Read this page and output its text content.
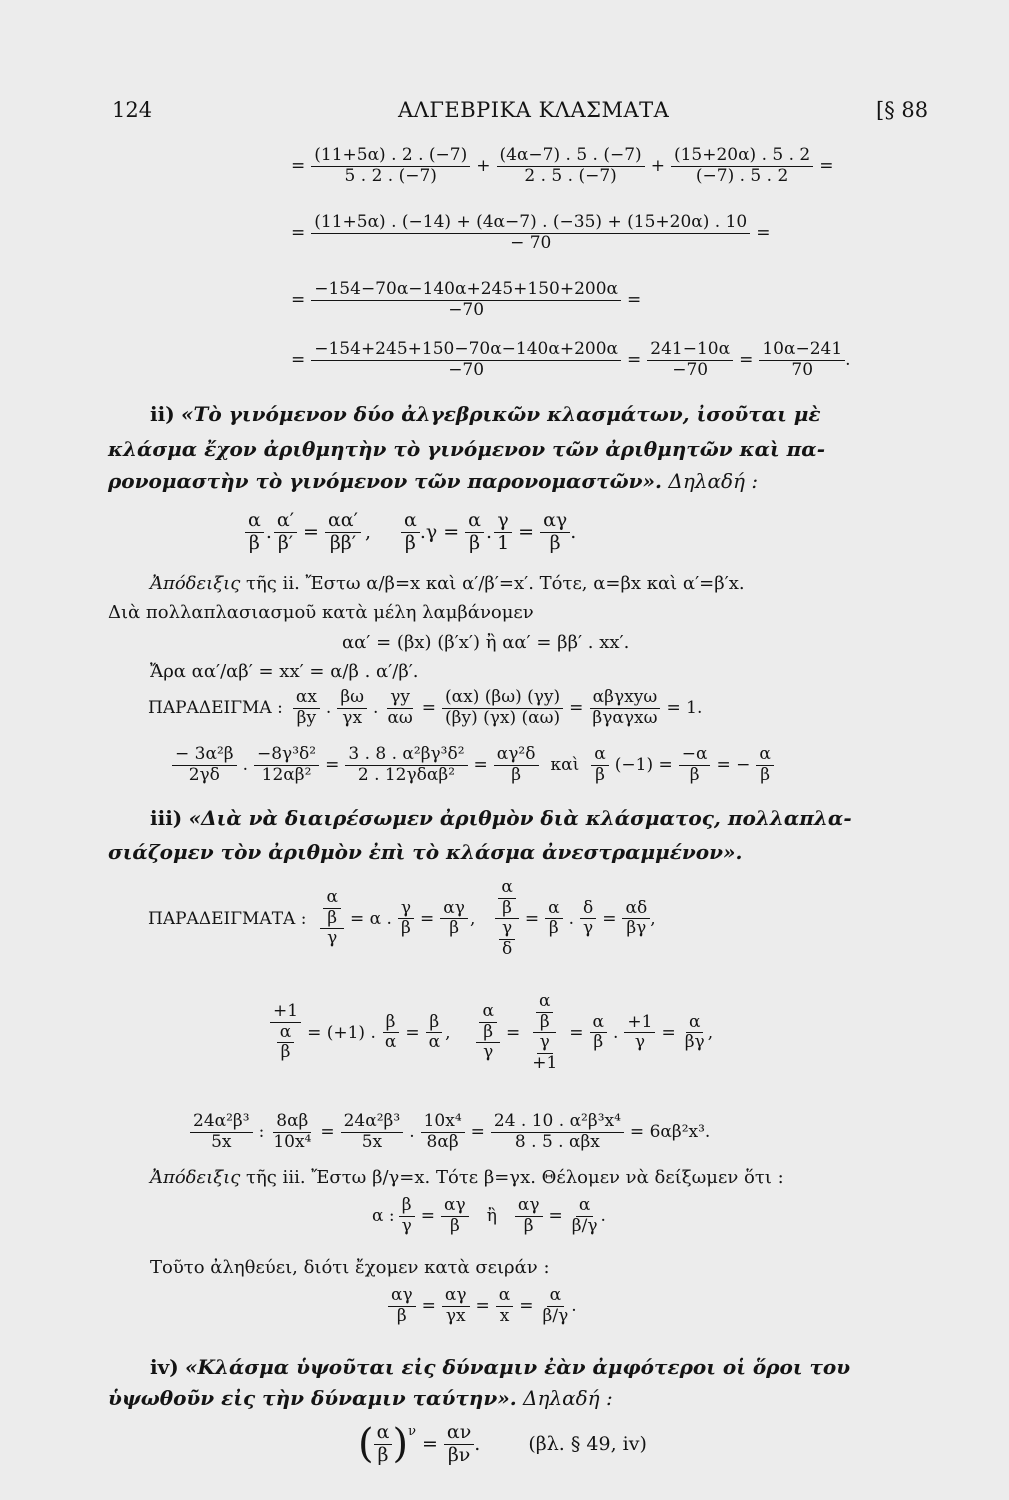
124	ΑΛΓΕΒΡΙΚΑ ΚΛΑΣΜΑΤΑ	[§ 88
= $\frac{(11+5\alpha) . 2 . (-7)}{5 . 2 . (-7)} + \frac{(4\alpha-7) . 5 . (-7)}{2 . 5 . (-7)} + \frac{(15+20\alpha) . 5 . 2}{(-7) . 5 . 2}$ =
= $\frac{(11+5\alpha) . (-14) + (4\alpha-7) . (-35) + (15+20\alpha) . 10}{- 70}$ =
= $\frac{-154-70\alpha-140\alpha+245+150+200\alpha}{-70}$ =
= $\frac{-154+245+150-70\alpha-140\alpha+200\alpha}{-70} = \frac{241-10\alpha}{-70} = \frac{10\alpha-241}{70}$ .
ii) «Τὸ γινόμενον δύο ἀλγεβρικῶν κλασμάτων, ἰσοῦται μὲ
κλάσμα ἔχον ἀριθμητὴν τὸ γινόμενον τῶν ἀριθμητῶν καὶ πα-
ρονομαστὴν τὸ γινόμενον τῶν παρονομαστῶν». Δηλαδή :
α
β . $\frac{\alpha'}{\beta'} = \frac{\alpha\alpha'}{\beta\beta'}$ ,
α
β . $\gamma = \frac{\alpha}{\beta}$ . $\frac{\gamma}{1} = \frac{\alpha\gamma}{\beta}$ .
Ἀπόδειξις τῆς ii. Ἔστω α/β=x καὶ α′/β′=x′. Τότε, α=βx καὶ α′=β′x.
Διὰ πολλαπλασιασμοῦ κατὰ μέλη λαμβάνομεν
αα′ = (βx) (β′x′) ἢ αα′ = ββ′ . xx′.
Ἄρα αα′/αβ′ = xx′ = α/β . α′/β′.
ΠΑΡΑΔΕΙΓΜΑ :
αx
βy .
βω
γx . $\frac{\gamma y}{\alpha\omega} = \frac{(\alpha x) (\beta\omega) (\gamma y)}{(\beta y) (\gamma x) (\alpha\omega)}$ =
αβγxyω
βγαγxω = 1.
− 3α²β
2γδ	. $\frac{\text{−8γ³δ²}}{\text{12αβ²}}$ =
3 . 8 . α²βγ³δ²
2 . 12γδαβ²	= $\frac{\text{αγ²δ}}{\beta}$ καὶ
α
β $(-1) = \frac{-\alpha}{\beta}$ = − $\frac{\alpha}{\beta}$
iii) «Διὰ νὰ διαιρέσωμεν ἀριθμὸν διὰ κλάσματος, πολλαπλα-
σιάζομεν τὸν ἀριθμὸν ἐπὶ τὸ κλάσμα ἀνεστραμμένον».
ΠΑΡΑΔΕΙΓΜΑΤΑ : $\frac{\frac{\alpha}{\beta}}{\gamma} = \alpha$ . $\frac{\gamma}{\beta} = \frac{\alpha\gamma}{\beta}$ ,	$\frac{\frac{\alpha}{\beta}}{\frac{\gamma}{\delta}} = \frac{\alpha}{\beta}$ . $\frac{\delta}{\gamma} = \frac{\alpha\delta}{\beta\gamma}$ ,
$\frac{+1}{\frac{\alpha}{\beta}} = (+1)$ . $\frac{\beta}{\alpha} = \frac{\beta}{\alpha}$ ,	$\frac{\frac{\alpha}{\beta}}{\gamma} = \frac{\frac{\alpha}{\beta}}{\frac{\gamma}{+1}} = \frac{\alpha}{\beta}$ . $\frac{+1}{\gamma} = \frac{\alpha}{\beta\gamma}$ ,
24α²β³
5x	: $\frac{8\alpha\beta}{\text{10x⁴}} = \frac{\text{24α²β³}}{5x}$ . $\frac{\text{10x⁴}}{8\alpha\beta}$ =
24 . 10 . α²β³x⁴
8 . 5 . αβx	= 6αβ²x³.
Ἀπόδειξις τῆς iii. Ἔστω β/γ=x. Τότε β=γx. Θέλομεν νὰ δείξωμεν ὅτι :
α : $\frac{\beta}{\gamma} = \frac{\alpha\gamma}{\beta}$	ἢ	$\frac{\alpha\gamma}{\beta} = \frac{\alpha}{\beta/\gamma}$ .
Τοῦτο ἀληθεύει, διότι ἔχομεν κατὰ σειράν :
$\frac{\alpha\gamma}{\beta} = \frac{\alpha\gamma}{\gamma x} = \frac{\alpha}{x} = \frac{\alpha}{\beta/\gamma}$ .
iv) «Κλάσμα ὑψοῦται εἰς δύναμιν ἐὰν ἀμφότεροι οἱ ὅροι του
ὑψωθοῦν εἰς τὴν δύναμιν ταύτην». Δηλαδή :
( α
β ) ν
= $\frac{\alpha\nu}{\beta\nu}$ .	(βλ. § 49, iv)
